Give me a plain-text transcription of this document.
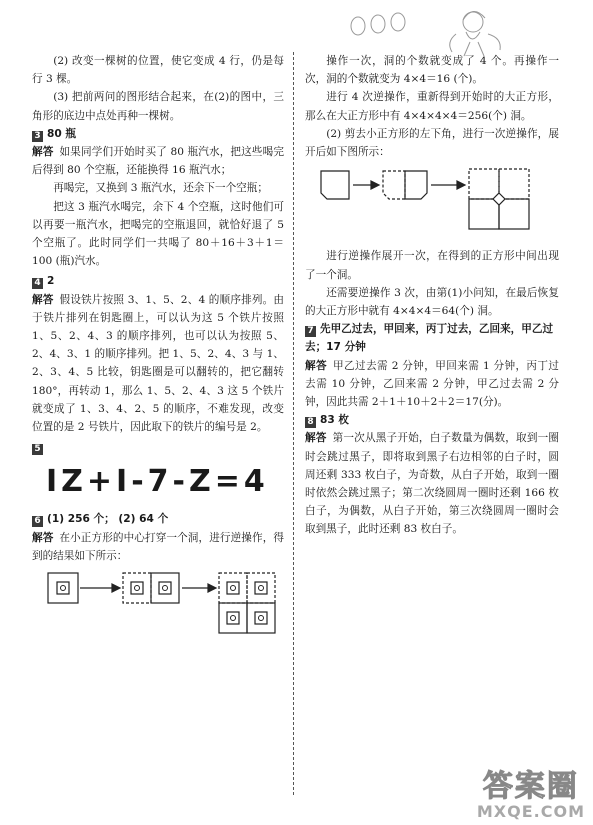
(2) 改变一棵树的位置，使它变成 4 行，仍是每行 3 棵。

(3) 把前两问的图形结合起来，在(2)的图中，三角形的底边中点处再种一棵树。

3 80 瓶

解答 如果同学们开始时买了 80 瓶汽水，把这些喝完后得到 80 个空瓶，还能换得 16 瓶汽水；

再喝完，又换到 3 瓶汽水，还余下一个空瓶；

把这 3 瓶汽水喝完，余下 4 个空瓶，这时他们可以再要一瓶汽水，把喝完的空瓶退回，就恰好退了 5 个空瓶了。此时同学们一共喝了 80＋16＋3＋1＝100 (瓶)汽水。

4 2

解答 假设铁片按照 3、1、5、2、4 的顺序排列。由于铁片排列在钥匙圈上，可以认为这 5 个铁片按照 1、5、2、4、3 的顺序排列，也可以认为按照 5、2、4、3、1 的顺序排列。把 1、5、2、4、3 与 1、2、3、4、5 比较，钥匙圈是可以翻转的，把它翻转 180°，再转动 1，那么 1、5、2、4、3 这 5 个铁片就变成了 1、3、4、2、5 的顺序，不难发现，改变位置的是 2 号铁片，因此取下的铁片的编号是 2。

5
IZ+I-7-Z=4
6 (1) 256 个； (2) 64 个

解答 在小正方形的中心打穿一个洞，进行逆操作，得到的结果如下所示：

操作一次，洞的个数就变成了 4 个。再操作一次，洞的个数就变为 4×4＝16 (个)。

进行 4 次逆操作，重新得到开始时的大正方形，那么在大正方形中有 4×4×4×4＝256(个) 洞。

(2) 剪去小正方形的左下角，进行一次逆操作，展开后如下图所示：

进行逆操作展开一次，在得到的正方形中间出现了一个洞。

还需要逆操作 3 次，由第(1)小问知，在最后恢复的大正方形中就有 4×4×4＝64(个) 洞。

7 先甲乙过去，甲回来，丙丁过去，乙回来，甲乙过去；17 分钟

解答 甲乙过去需 2 分钟，甲回来需 1 分钟，丙丁过去需 10 分钟，乙回来需 2 分钟，甲乙过去需 2 分钟，因此共需 2＋1＋10＋2＋2＝17(分)。

8 83 枚

解答 第一次从黑子开始，白子数量为偶数，取到一圈时会跳过黑子，即将取到黑子右边相邻的白子时，圆周还剩 333 枚白子，为奇数，从白子开始，取到一圈时依然会跳过黑子；第二次绕圆周一圈时还剩 166 枚白子，为偶数，从白子开始，第三次绕圆周一圈时会取到黑子，此时还剩 83 枚白子。

答案圈
MXQE.COM
